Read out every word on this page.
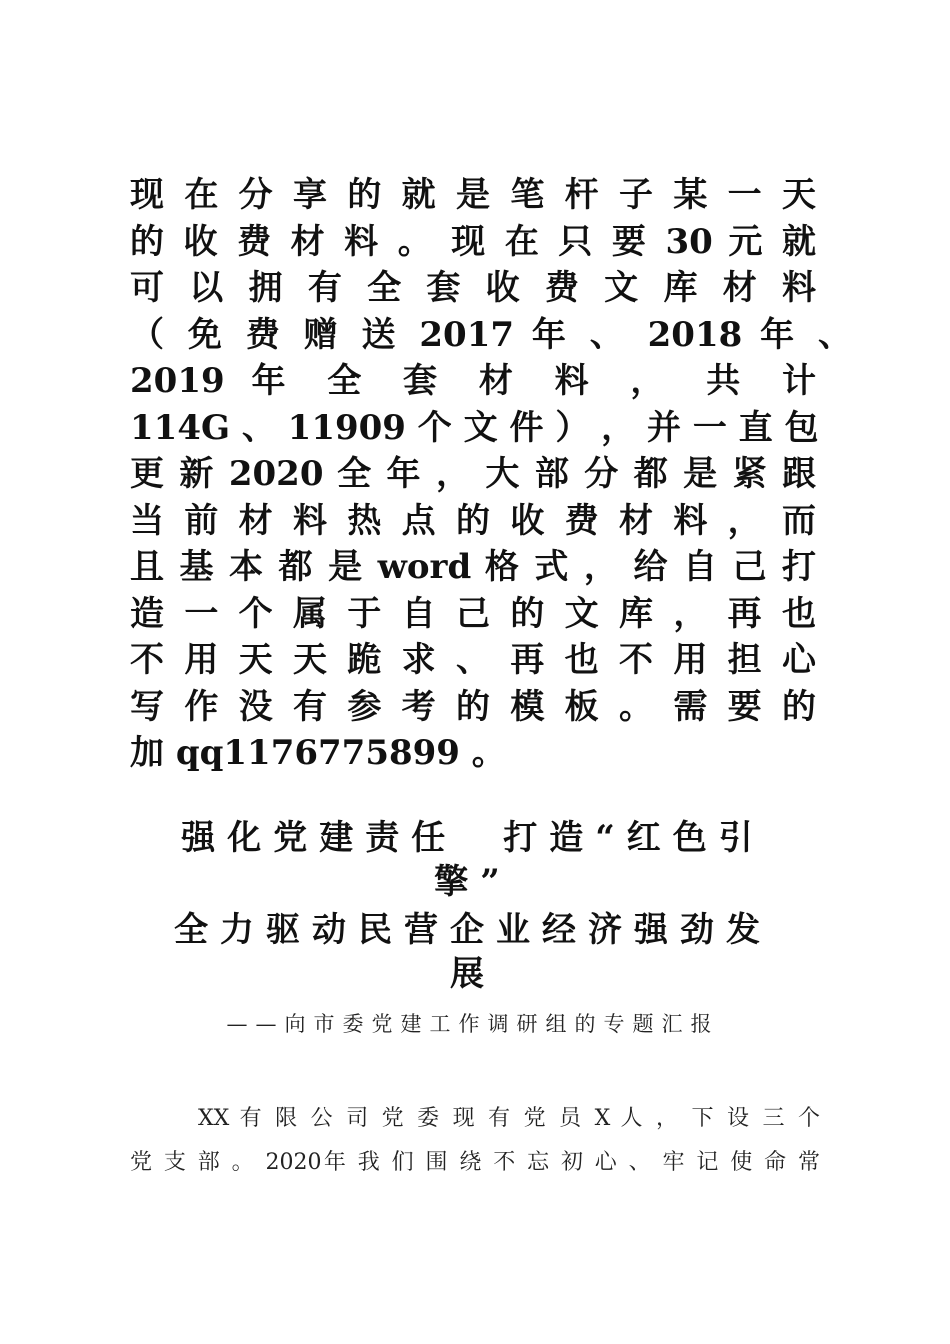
现 在 分 享 的 就 是 笔 杆 子 某 一 天
的 收 费 材 料 。 现 在 只 要 30 元 就
可 以 拥 有 全 套 收 费 文 库 材 料
（ 免 费 赠 送 2017 年 、 2018 年 、
2019 年 全 套 材 料 ， 共 计
114G 、 11909 个 文 件 ） ， 并 一 直 包
更 新 2020 全 年 ， 大 部 分 都 是 紧 跟
当 前 材 料 热 点 的 收 费 材 料 ， 而
且 基 本 都 是 word 格 式 ， 给 自 己 打
造 一 个 属 于 自 己 的 文 库 ， 再 也
不 用 天 天 跪 求 、 再 也 不 用 担 心
写 作 没 有 参 考 的 模 板 。 需 要 的
加 qq1176775899 。
强化党建责任　打造“红色引
擎”
全力驱动民营企业经济强劲发
展
——向市委党建工作调研组的专题汇报
XX 有 限 公 司 党 委 现 有 党 员 X 人 ， 下 设 三 个
党 支 部 。 2020年 我 们 围 绕 不 忘 初 心 、 牢 记 使 命 常
